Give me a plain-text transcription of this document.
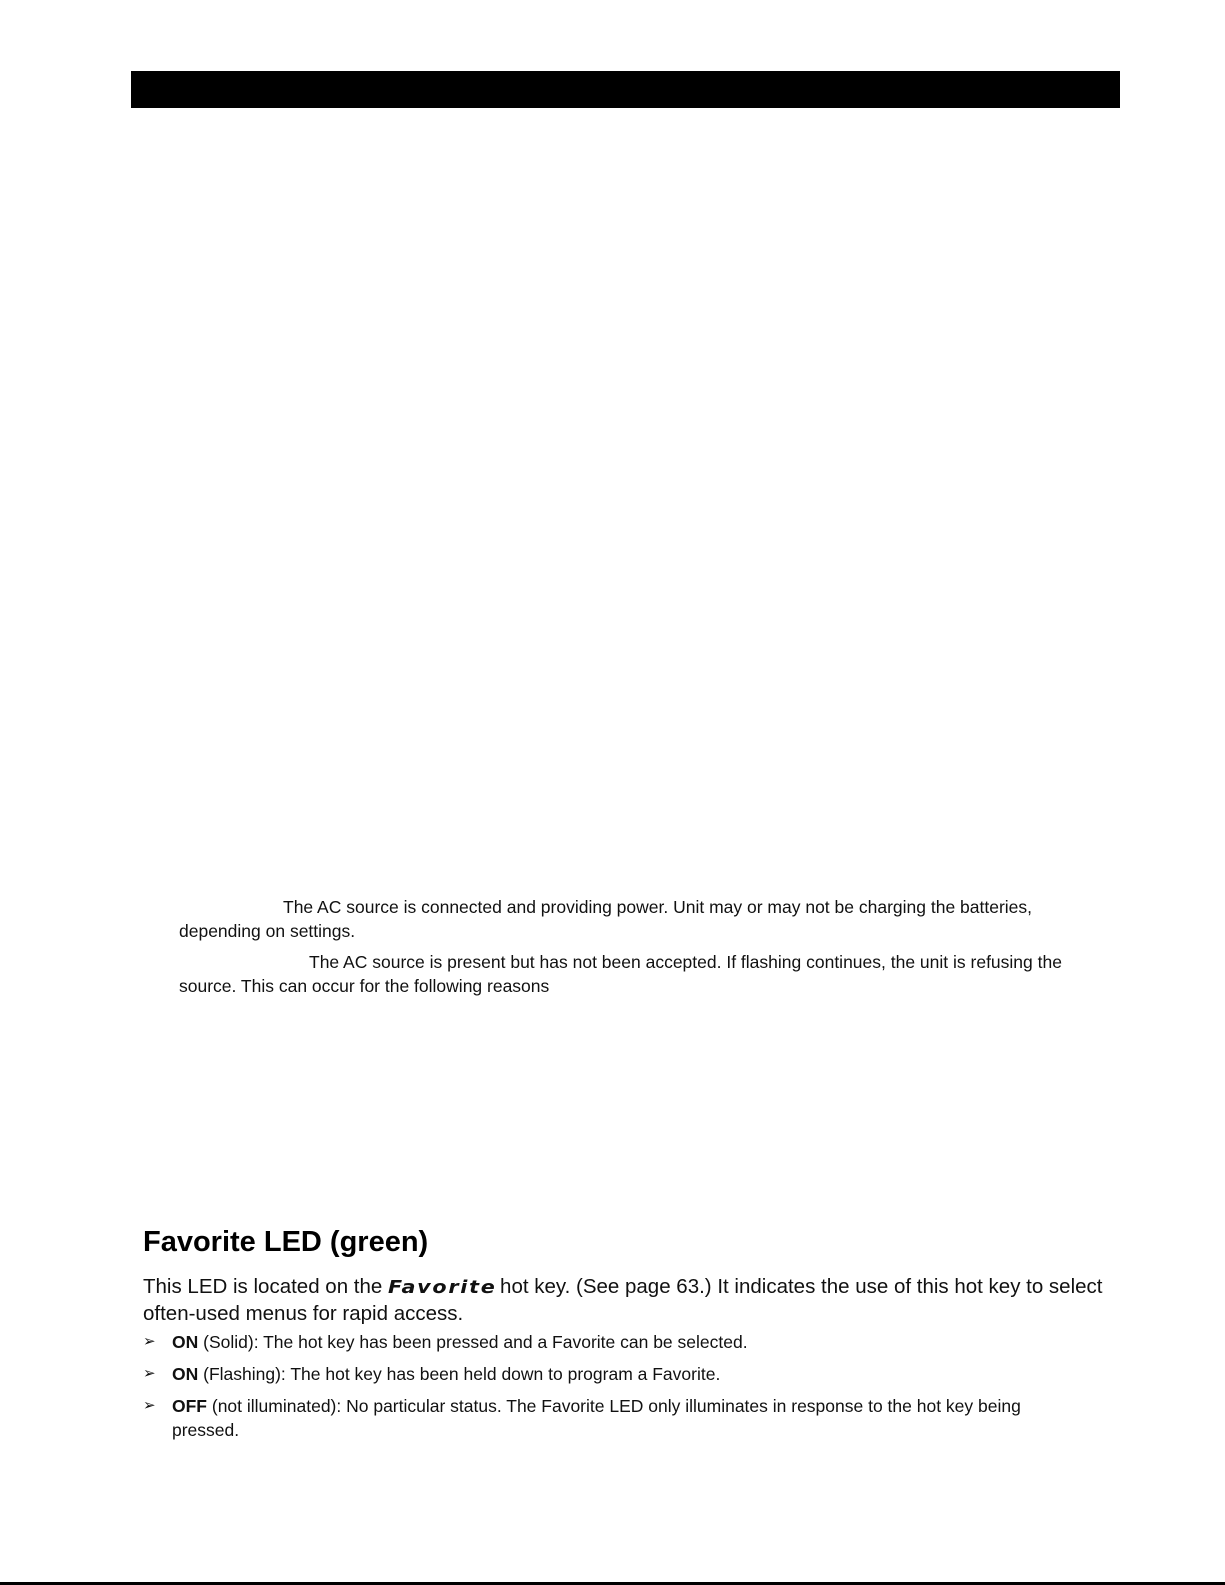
The AC source is connected and providing power. Unit may or may not be charging the batteries, depending on settings.

The AC source is present but has not been accepted. If flashing continues, the unit is refusing the source. This can occur for the following reasons

Favorite LED (green)

This LED is located on the Favorite hot key. (See page 63.) It indicates the use of this hot key to select often-used menus for rapid access.

➢ ON (Solid): The hot key has been pressed and a Favorite can be selected.
➢ ON (Flashing): The hot key has been held down to program a Favorite.
➢ OFF (not illuminated): No particular status. The Favorite LED only illuminates in response to the hot key being pressed.
